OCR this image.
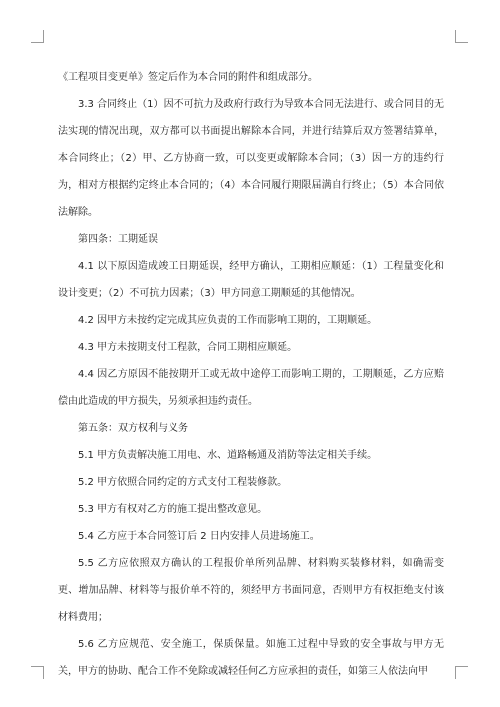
《工程项目变更单》签定后作为本合同的附件和组成部分。

3.3 合同终止（1）因不可抗力及政府行政行为导致本合同无法进行、或合同目的无法实现的情况出现，双方都可以书面提出解除本合同，并进行结算后双方签署结算单，本合同终止；（2）甲、乙方协商一致，可以变更或解除本合同；（3）因一方的违约行为，相对方根据约定终止本合同的；（4）本合同履行期限届满自行终止；（5）本合同依法解除。

第四条：工期延误

4.1 以下原因造成竣工日期延误，经甲方确认，工期相应顺延：（1）工程量变化和设计变更；（2）不可抗力因素；（3）甲方同意工期顺延的其他情况。

4.2 因甲方未按约定完成其应负责的工作而影响工期的，工期顺延。

4.3 甲方未按期支付工程款，合同工期相应顺延。

4.4 因乙方原因不能按期开工或无故中途停工而影响工期的，工期顺延，乙方应赔偿由此造成的甲方损失，另须承担违约责任。

第五条：双方权利与义务

5.1 甲方负责解决施工用电、水、道路畅通及消防等法定相关手续。

5.2 甲方依照合同约定的方式支付工程装修款。

5.3 甲方有权对乙方的施工提出整改意见。

5.4 乙方应于本合同签订后 2 日内安排人员进场施工。

5.5 乙方应依照双方确认的工程报价单所列品牌、材料购买装修材料，如确需变更、增加品牌、材料等与报价单不符的，须经甲方书面同意，否则甲方有权拒绝支付该材料费用；

5.6 乙方应规范、安全施工，保质保量。如施工过程中导致的安全事故与甲方无关，甲方的协助、配合工作不免除或减轻任何乙方应承担的责任，如第三人依法向甲
